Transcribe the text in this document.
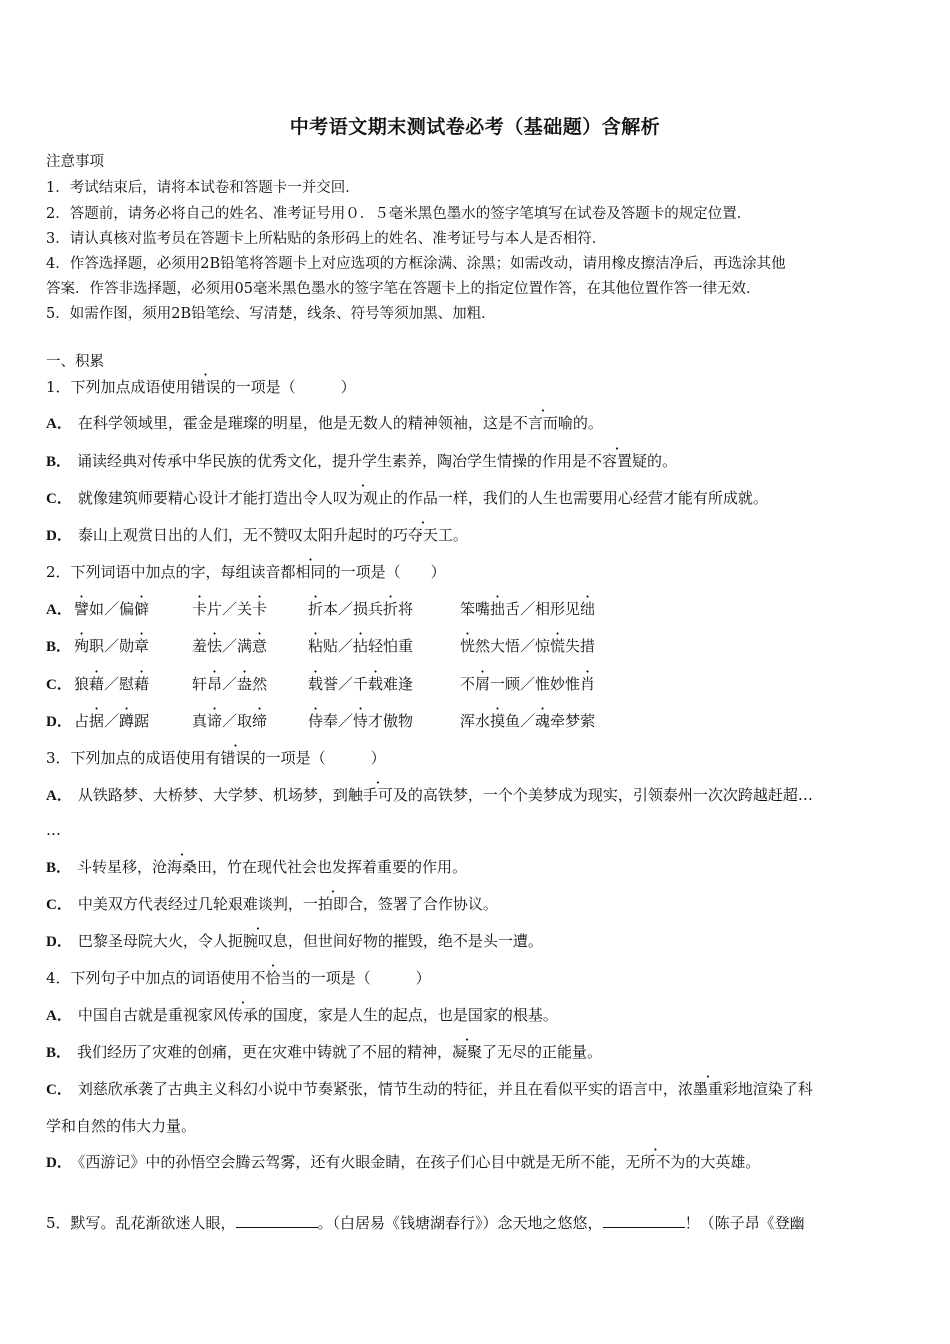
中考语文期末测试卷必考（基础题）含解析
注意事项
1．考试结束后，请将本试卷和答题卡一并交回．
2．答题前，请务必将自己的姓名、准考证号用０．５毫米黑色墨水的签字笔填写在试卷及答题卡的规定位置．
3．请认真核对监考员在答题卡上所粘贴的条形码上的姓名、准考证号与本人是否相符．
4．作答选择题，必须用2B铅笔将答题卡上对应选项的方框涂满、涂黑；如需改动，请用橡皮擦洁净后，再选涂其他
答案．作答非选择题，必须用05毫米黑色墨水的签字笔在答题卡上的指定位置作答，在其他位置作答一律无效．
5．如需作图，须用2B铅笔绘、写清楚，线条、符号等须加黑、加粗．
一、积累
1．下列加点成语使用错误的一项是（　　　）
A． 在科学领域里，霍金是璀璨的明星，他是无数人的精神领袖，这是不言而喻的。
B． 诵读经典对传承中华民族的优秀文化，提升学生素养，陶冶学生情操的作用是不容置疑的。
C． 就像建筑师要精心设计才能打造出令人叹为观止的作品一样，我们的人生也需要用心经营才能有所成就。
D． 泰山上观赏日出的人们，无不赞叹太阳升起时的巧夺天工。
2．下列词语中加点的字，每组读音都相同的一项是（　　）
A． 譬如／偏僻	卡片／关卡	折本／损兵折将	笨嘴拙舌／相形见绌
B． 殉职／勋章	羞怯／满意	粘贴／拈轻怕重	恍然大悟／惊慌失措
C． 狼藉／慰藉	轩昂／盎然	载誉／千载难逢	不屑一顾／惟妙惟肖
D． 占据／蹲踞	真谛／取缔	侍奉／恃才傲物	浑水摸鱼／魂牵梦萦
3．下列加点的成语使用有错误的一项是（　　　）
A． 从铁路梦、大桥梦、大学梦、机场梦，到触手可及的高铁梦，一个个美梦成为现实，引领泰州一次次跨越赶超…
…
B． 斗转星移，沧海桑田，竹在现代社会也发挥着重要的作用。
C． 中美双方代表经过几轮艰难谈判，一拍即合，签署了合作协议。
D． 巴黎圣母院大火，令人扼腕叹息，但世间好物的摧毁，绝不是头一遭。
4．下列句子中加点的词语使用不恰当的一项是（　　　）
A． 中国自古就是重视家风传承的国度，家是人生的起点，也是国家的根基。
B． 我们经历了灾难的创痛，更在灾难中铸就了不屈的精神，凝聚了无尽的正能量。
C． 刘慈欣承袭了古典主义科幻小说中节奏紧张，情节生动的特征，并且在看似平实的语言中，浓墨重彩地渲染了科
学和自然的伟大力量。
D． 《西游记》中的孙悟空会腾云驾雾，还有火眼金睛，在孩子们心目中就是无所不能，无所不为的大英雄。
5．默写。乱花渐欲迷人眼，	。（白居易《钱塘湖春行》）念天地之悠悠，	！（陈子昂《登幽
